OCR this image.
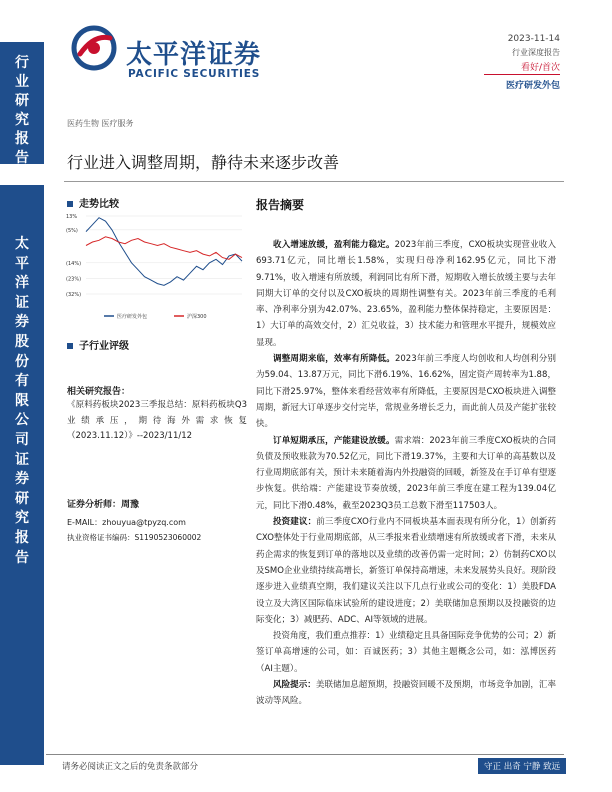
行业研究报告
太平洋证券股份有限公司证券研究报告
太平洋证券
PACIFIC SECURITIES
2023-11-14
行业深度报告
看好/首次
医疗研发外包
医药生物 医疗服务
行业进入调整周期，静待未来逐步改善
走势比较
13%
(5%)
(14%)
(23%)
(32%)
医疗研发外包	沪深300
子行业评级
相关研究报告：
《原料药板块2023三季报总结：原料药板块Q3业绩承压，期待海外需求恢复（2023.11.12）》--2023/11/12
证券分析师：周豫
E-MAIL：zhouyua@tpyzq.com
执业资格证书编码：S1190523060002
报告摘要

收入增速放缓，盈利能力稳定。2023年前三季度，CXO板块实现营业收入693.71亿元，同比增长1.58%，实现归母净利162.95亿元，同比下滑9.71%，收入增速有所放缓，利润同比有所下滑，短期收入增长放缓主要与去年同期大订单的交付以及CXO板块的周期性调整有关。2023年前三季度的毛利率、净利率分别为42.07%、23.65%，盈利能力整体保持稳定，主要原因是：1）大订单的高效交付，2）汇兑收益，3）技术能力和管理水平提升，规模效应显现。

调整周期来临，效率有所降低。2023年前三季度人均创收和人均创利分别为59.04、13.87万元，同比下滑6.19%、16.62%，固定资产周转率为1.88，同比下滑25.97%，整体来看经营效率有所降低，主要原因是CXO板块进入调整周期，新冠大订单逐步交付完毕，常规业务增长乏力，而此前人员及产能扩张较快。

订单短期承压，产能建设放缓。需求端：2023年前三季度CXO板块的合同负债及预收账款为70.52亿元，同比下滑19.37%，主要和大订单的高基数以及行业周期底部有关，预计未来随着海内外投融资的回暖，新签及在手订单有望逐步恢复。供给端：产能建设节奏放缓，2023年前三季度在建工程为139.04亿元，同比下滑0.48%，截至2023Q3员工总数下滑至117503人。

投资建议：前三季度CXO行业内不同板块基本面表现有所分化，1）创新药CXO整体处于行业周期底部，从三季报来看业绩增速有所放缓或者下滑，未来从药企需求的恢复到订单的落地以及业绩的改善仍需一定时间；2）仿制药CXO以及SMO企业业绩持续高增长，新签订单保持高增速，未来发展势头良好。现阶段逐步进入业绩真空期，我们建议关注以下几点行业或公司的变化：1）美股FDA设立及大湾区国际临床试验所的建设进度；2）美联储加息预期以及投融资的边际变化；3）减肥药、ADC、AI等领域的进展。

投资角度，我们重点推荐：1）业绩稳定且具备国际竞争优势的公司；2）新签订单高增速的公司，如：百诚医药；3）其他主题概念公司，如：泓博医药（AI主题）。

风险提示：美联储加息超预期，投融资回暖不及预期，市场竞争加剧，汇率波动等风险。

请务必阅读正文之后的免责条款部分	守正 出奇 宁静 致远
